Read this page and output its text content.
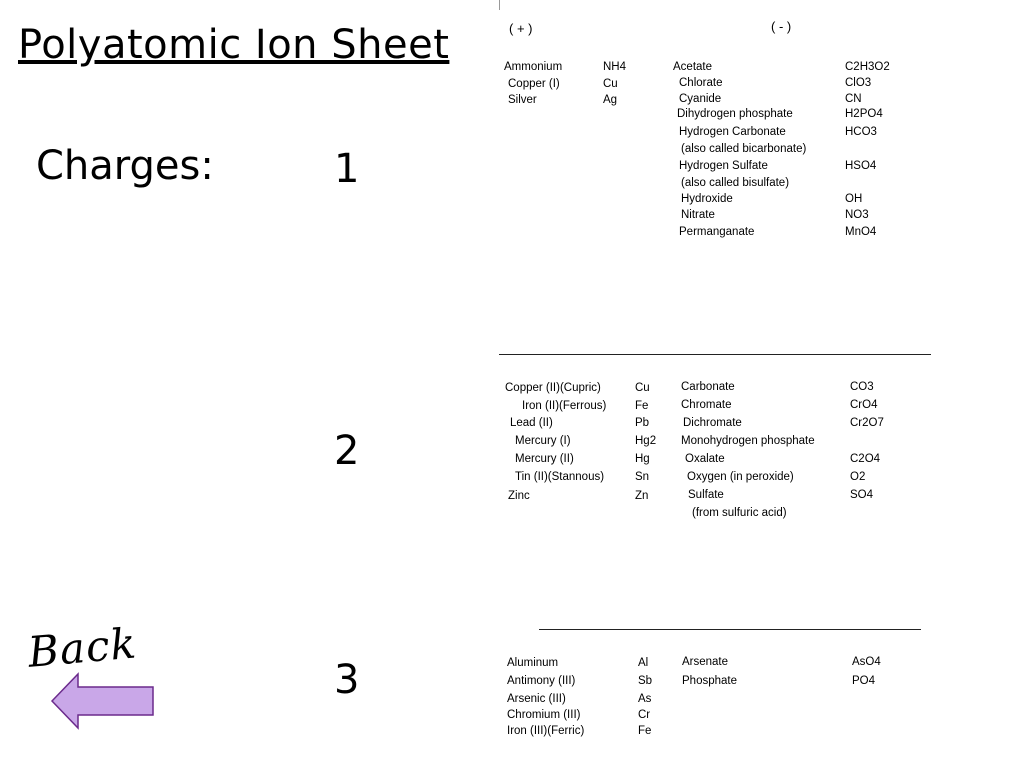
Polyatomic Ion Sheet
Charges:	1
2
3
Back
( + )	( - )
Ammonium	NH4
Copper (I)	Cu
Silver	Ag
Acetate	C2H3O2
Chlorate	ClO3
Cyanide	CN
Dihydrogen phosphate	H2PO4
Hydrogen Carbonate	HCO3
(also called bicarbonate)
Hydrogen Sulfate	HSO4
(also called bisulfate)
Hydroxide	OH
Nitrate	NO3
Permanganate	MnO4
Copper (II)(Cupric)	Cu
Iron (II)(Ferrous) Fe
Lead (II)	Pb
Mercury (I)	Hg2
Mercury (II)	Hg
Tin (II)(Stannous)	Sn
Zinc	Zn
Carbonate	CO3
Chromate	CrO4
Dichromate	Cr2O7
Monohydrogen phosphate
Oxalate	C2O4
Oxygen (in peroxide)	O2
Sulfate	SO4
(from sulfuric acid)
Aluminum	Al
Antimony (III)	Sb
Arsenic (III)	As
Chromium (III)	Cr
Iron (III)(Ferric)	Fe
Arsenate	AsO4
Phosphate	PO4
